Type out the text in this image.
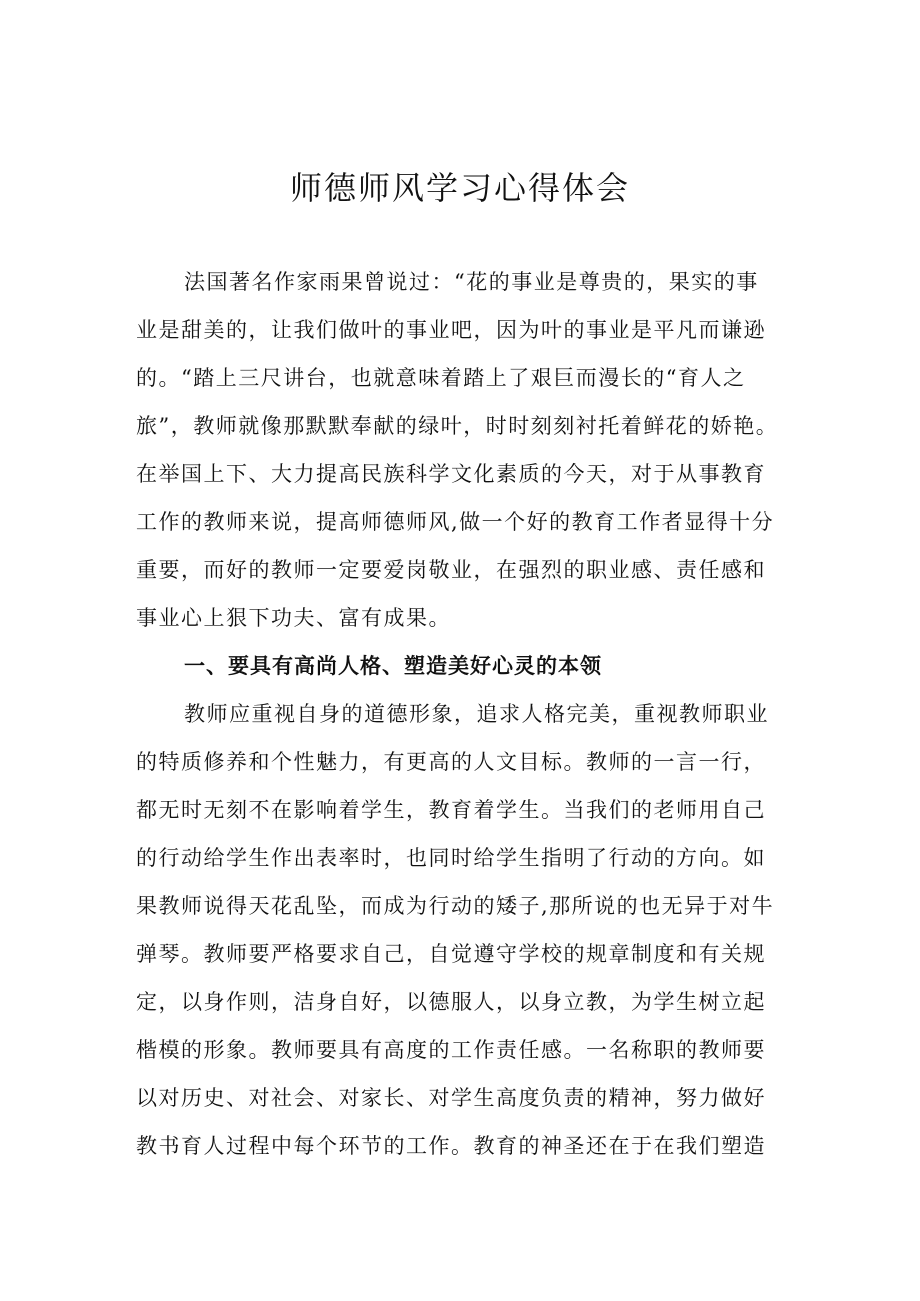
师德师风学习心得体会

法国著名作家雨果曾说过：“花的事业是尊贵的，果实的事

业是甜美的，让我们做叶的事业吧，因为叶的事业是平凡而谦逊

的。“踏上三尺讲台，也就意味着踏上了艰巨而漫长的“育人之

旅”，教师就像那默默奉献的绿叶，时时刻刻衬托着鲜花的娇艳。

在举国上下、大力提高民族科学文化素质的今天，对于从事教育

工作的教师来说，提高师德师风,做一个好的教育工作者显得十分

重要，而好的教师一定要爱岗敬业，在强烈的职业感、责任感和

事业心上狠下功夫、富有成果。

一、要具有高尚人格、塑造美好心灵的本领

教师应重视自身的道德形象，追求人格完美，重视教师职业

的特质修养和个性魅力，有更高的人文目标。教师的一言一行，

都无时无刻不在影响着学生，教育着学生。当我们的老师用自己

的行动给学生作出表率时，也同时给学生指明了行动的方向。如

果教师说得天花乱坠，而成为行动的矮子,那所说的也无异于对牛

弹琴。教师要严格要求自己，自觉遵守学校的规章制度和有关规

定，以身作则，洁身自好，以德服人，以身立教，为学生树立起

楷模的形象。教师要具有高度的工作责任感。一名称职的教师要

以对历史、对社会、对家长、对学生高度负责的精神，努力做好

教书育人过程中每个环节的工作。教育的神圣还在于在我们塑造
